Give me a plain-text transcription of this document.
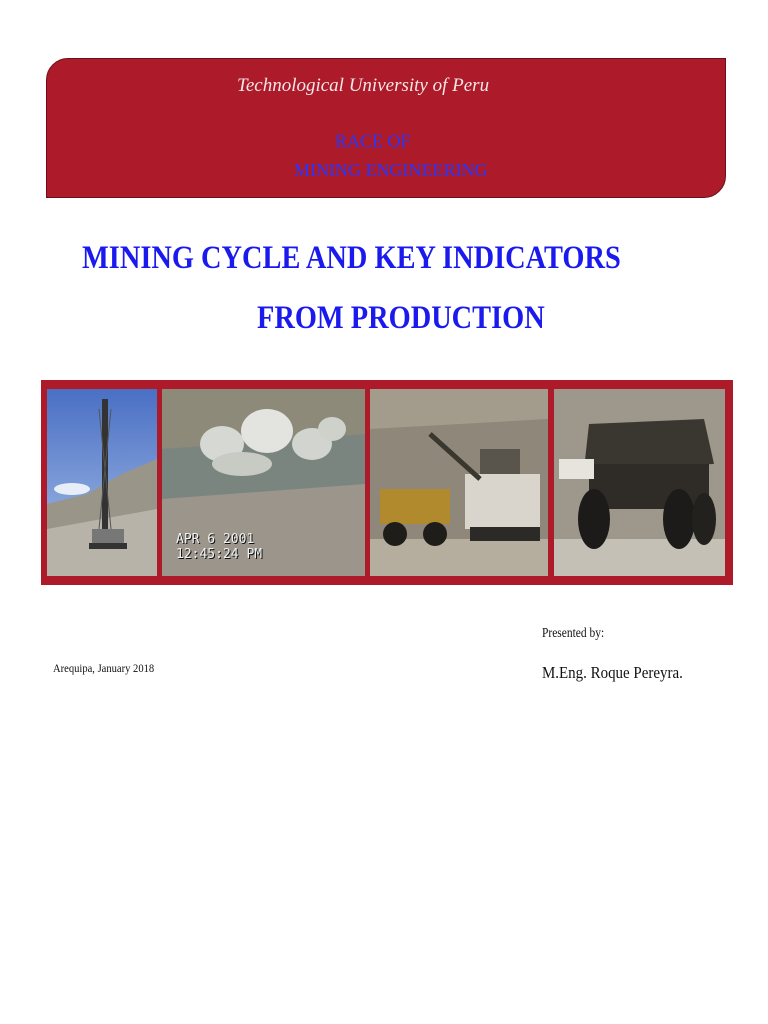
Technological University of Peru
RACE OF
MINING ENGINEERING
MINING CYCLE AND KEY INDICATORS
FROM PRODUCTION
APR 6 2001
12:45:24 PM
Arequipa, January 2018
Presented by:
M.Eng. Roque Pereyra.
